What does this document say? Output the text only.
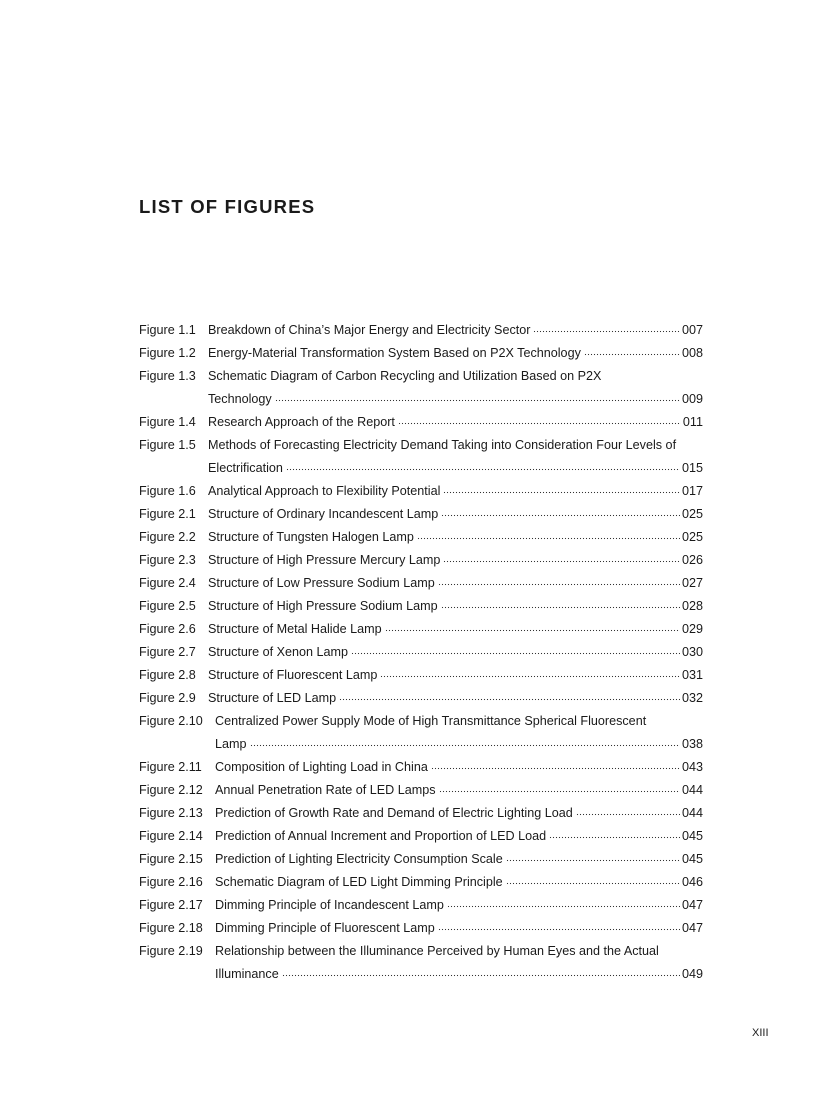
LIST OF FIGURES
Figure 1.1 Breakdown of China’s Major Energy and Electricity Sector	007
Figure 1.2 Energy-Material Transformation System Based on P2X Technology	008
Figure 1.3 Schematic Diagram of Carbon Recycling and Utilization Based on P2X
Technology	009
Figure 1.4 Research Approach of the Report	011
Figure 1.5 Methods of Forecasting Electricity Demand Taking into Consideration Four Levels of
Electrification	015
Figure 1.6 Analytical Approach to Flexibility Potential	017
Figure 2.1 Structure of Ordinary Incandescent Lamp	025
Figure 2.2 Structure of Tungsten Halogen Lamp	025
Figure 2.3 Structure of High Pressure Mercury Lamp	026
Figure 2.4 Structure of Low Pressure Sodium Lamp	027
Figure 2.5 Structure of High Pressure Sodium Lamp	028
Figure 2.6 Structure of Metal Halide Lamp	029
Figure 2.7 Structure of Xenon Lamp	030
Figure 2.8 Structure of Fluorescent Lamp	031
Figure 2.9 Structure of LED Lamp	032
Figure 2.10 Centralized Power Supply Mode of High Transmittance Spherical Fluorescent
Lamp	038
Figure 2.11	Composition of Lighting Load in China	043
Figure 2.12 Annual Penetration Rate of LED Lamps	044
Figure 2.13 Prediction of Growth Rate and Demand of Electric Lighting Load	044
Figure 2.14 Prediction of Annual Increment and Proportion of LED Load	045
Figure 2.15 Prediction of Lighting Electricity Consumption Scale	045
Figure 2.16 Schematic Diagram of LED Light Dimming Principle	046
Figure 2.17 Dimming Principle of Incandescent Lamp	047
Figure 2.18 Dimming Principle of Fluorescent Lamp	047
Figure 2.19 Relationship between the Illuminance Perceived by Human Eyes and the Actual
Illuminance	049
XIII
